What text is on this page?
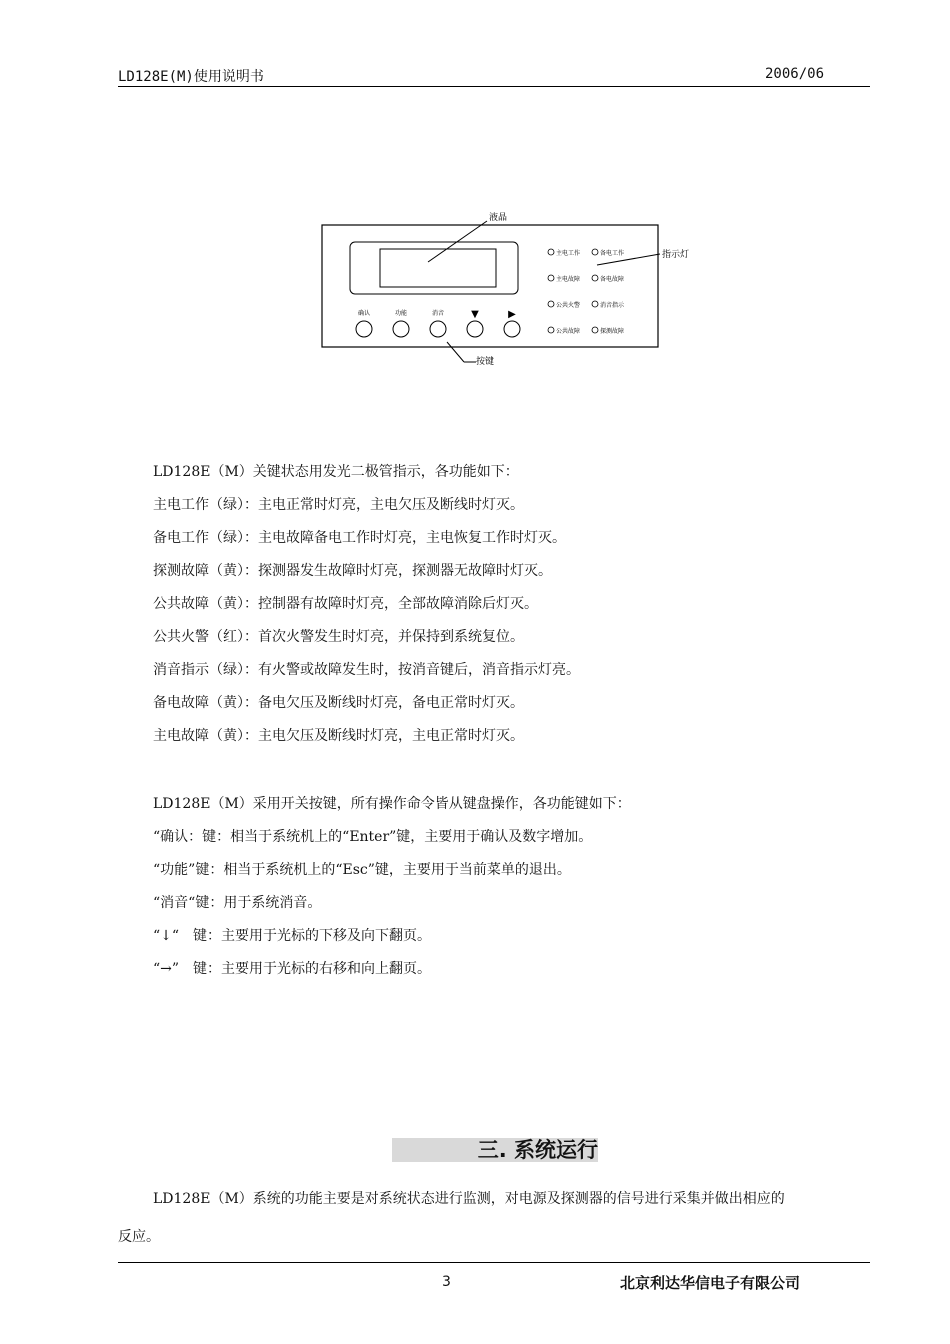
LD128E(M)使用说明书	2006/06
液晶
指示灯
按键
主电工作	备电工作
主电故障	备电故障
公共火警	消音指示
公共故障	探测故障
确认	功能	消音	▼	▶
LD128E（M）关键状态用发光二极管指示，各功能如下：
主电工作（绿）：主电正常时灯亮，主电欠压及断线时灯灭。
备电工作（绿）：主电故障备电工作时灯亮，主电恢复工作时灯灭。
探测故障（黄）：探测器发生故障时灯亮，探测器无故障时灯灭。
公共故障（黄）：控制器有故障时灯亮，全部故障消除后灯灭。
公共火警（红）：首次火警发生时灯亮，并保持到系统复位。
消音指示（绿）：有火警或故障发生时，按消音键后，消音指示灯亮。
备电故障（黄）：备电欠压及断线时灯亮，备电正常时灯灭。
主电故障（黄）：主电欠压及断线时灯亮，主电正常时灯灭。
LD128E（M）采用开关按键，所有操作命令皆从键盘操作，各功能键如下：
“确认：键：相当于系统机上的“Enter”键，主要用于确认及数字增加。
“功能”键：相当于系统机上的“Esc”键，主要用于当前菜单的退出。
“消音“键：用于系统消音。
“↓“　键：主要用于光标的下移及向下翻页。
“→”　键：主要用于光标的右移和向上翻页。
三. 系统运行
LD128E（M）系统的功能主要是对系统状态进行监测，对电源及探测器的信号进行采集并做出相应的
反应。
3	北京利达华信电子有限公司
